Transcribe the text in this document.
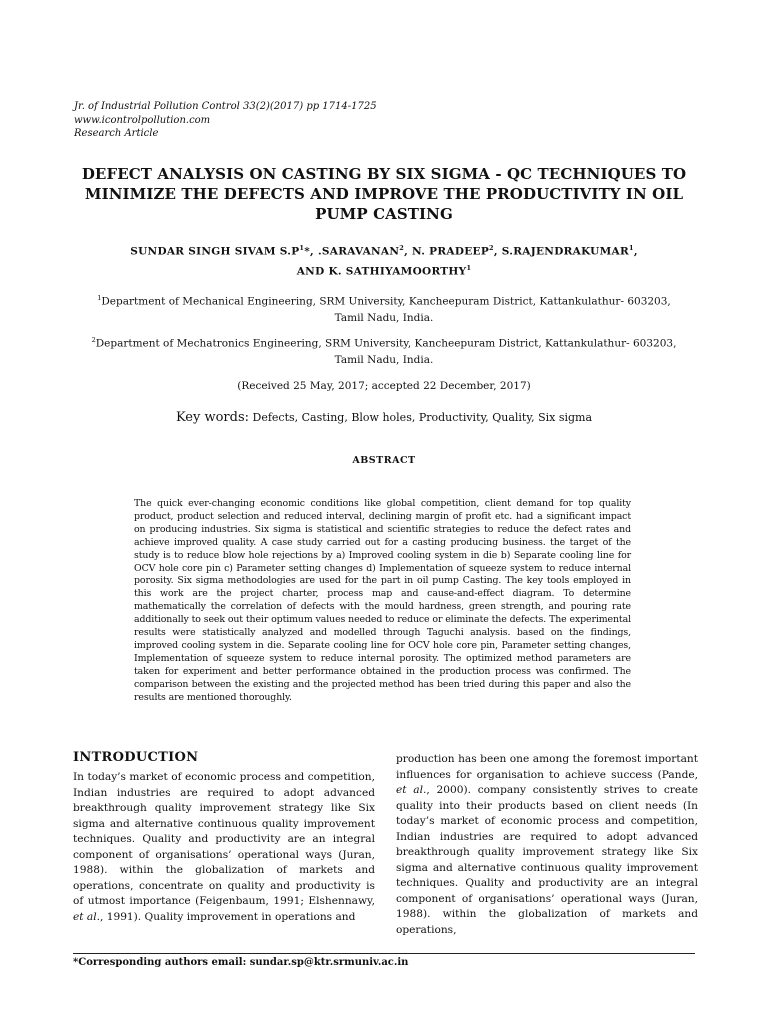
Jr. of Industrial Pollution Control 33(2)(2017) pp 1714-1725
www.icontrolpollution.com
Research Article
DEFECT ANALYSIS ON CASTING BY SIX SIGMA - QC TECHNIQUES TO MINIMIZE THE DEFECTS AND IMPROVE THE PRODUCTIVITY IN OIL PUMP CASTING
SUNDAR SINGH SIVAM $S.P^1*$, .SARAVANAN$^2$, N. PRADEEP$^2$, S.RAJENDRAKUMAR$^1$,
AND K. SATHIYAMOORTHY$^1$
$^1$Department of Mechanical Engineering, SRM University, Kancheepuram District, Kattankulathur- 603203, Tamil Nadu, India.
$^2$Department of Mechatronics Engineering, SRM University, Kancheepuram District, Kattankulathur- 603203, Tamil Nadu, India.
(Received 25 May, 2017; accepted 22 December, 2017)
Key words: Defects, Casting, Blow holes, Productivity, Quality, Six sigma
ABSTRACT

The quick ever-changing economic conditions like global competition, client demand for top quality product, product selection and reduced interval, declining margin of profit etc. had a significant impact on producing industries. Six sigma is statistical and scientific strategies to reduce the defect rates and achieve improved quality. A case study carried out for a casting producing business. the target of the study is to reduce blow hole rejections by a) Improved cooling system in die b) Separate cooling line for OCV hole core pin c) Parameter setting changes d) Implementation of squeeze system to reduce internal porosity. Six sigma methodologies are used for the part in oil pump Casting. The key tools employed in this work are the project charter, process map and cause-and-effect diagram. To determine mathematically the correlation of defects with the mould hardness, green strength, and pouring rate additionally to seek out their optimum values needed to reduce or eliminate the defects. The experimental results were statistically analyzed and modelled through Taguchi analysis. based on the findings, improved cooling system in die. Separate cooling line for OCV hole core pin, Parameter setting changes, Implementation of squeeze system to reduce internal porosity. The optimized method parameters are taken for experiment and better performance obtained in the production process was confirmed. The comparison between the existing and the projected method has been tried during this paper and also the results are mentioned thoroughly.

INTRODUCTION

In today’s market of economic process and competition, Indian industries are required to adopt advanced breakthrough quality improvement strategy like Six sigma and alternative continuous quality improvement techniques. Quality and productivity are an integral component of organisations’ operational ways (Juran, 1988). within the globalization of markets and operations, concentrate on quality and productivity is of utmost importance (Feigenbaum, 1991; Elshennawy, et al., 1991). Quality improvement in operations and

production has been one among the foremost important influences for organisation to achieve success (Pande, et al., 2000). company consistently strives to create quality into their products based on client needs (In today’s market of economic process and competition, Indian industries are required to adopt advanced breakthrough quality improvement strategy like Six sigma and alternative continuous quality improvement techniques. Quality and productivity are an integral component of organisations’ operational ways (Juran, 1988). within the globalization of markets and operations,

*Corresponding authors email: sundar.sp@ktr.srmuniv.ac.in
